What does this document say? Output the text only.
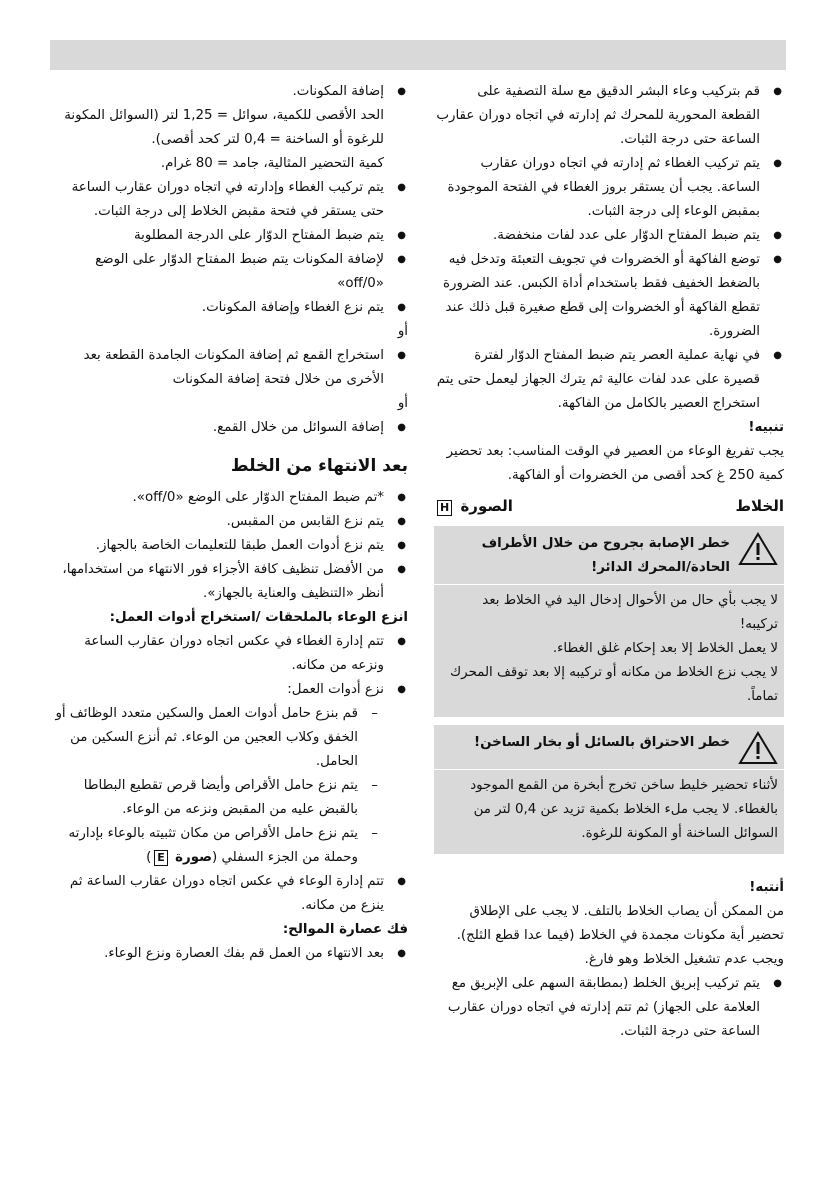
● قم بتركيب وعاء البشر الدقيق مع سلة التصفية على القطعة المحورية للمحرك ثم إدارته في اتجاه دوران عقارب الساعة حتى درجة الثبات.

● يتم تركيب الغطاء ثم إدارته في اتجاه دوران عقارب الساعة. يجب أن يستقر بروز الغطاء في الفتحة الموجودة بمقبض الوعاء إلى درجة الثبات.

● يتم ضبط المفتاح الدوّار على عدد لفات منخفضة.

● توضع الفاكهة أو الخضروات في تجويف التعبئة وتدخل فيه بالضغط الخفيف فقط باستخدام أداة الكبس. عند الضرورة تقطع الفاكهة أو الخضروات إلى قطع صغيرة قبل ذلك عند الضرورة.

● في نهاية عملية العصر يتم ضبط المفتاح الدوّار لفترة قصيرة على عدد لفات عالية ثم يترك الجهاز ليعمل حتى يتم استخراج العصير بالكامل من الفاكهة.

تنبيه!

يجب تفريغ الوعاء من العصير في الوقت المناسب: بعد تحضير كمية 250 غ كحد أقصى من الخضروات أو الفاكهة.

الخلاط
الصورة H
خطر الإصابة بجروح من خلال الأطراف الحادة/المحرك الدائر!

لا يجب بأي حال من الأحوال إدخال اليد في الخلاط بعد تركيبه!

لا يعمل الخلاط إلا بعد إحكام غلق الغطاء.

لا يجب نزع الخلاط من مكانه أو تركيبه إلا بعد توقف المحرك تماماً.

خطر الاحتراق بالسائل أو بخار الساخن!

لأثناء تحضير خليط ساخن تخرج أبخرة من القمع الموجود بالغطاء. لا يجب ملء الخلاط بكمية تزيد عن 0,4 لتر من السوائل الساخنة أو المكونة للرغوة.

أنتبه!

من الممكن أن يصاب الخلاط بالتلف. لا يجب على الإطلاق تحضير أية مكونات مجمدة في الخلاط (فيما عدا قطع الثلج). ويجب عدم تشغيل الخلاط وهو فارغ.

● يتم تركيب إبريق الخلط (بمطابقة السهم على الإبريق مع العلامة على الجهاز) ثم تتم إدارته في اتجاه دوران عقارب الساعة حتى درجة الثبات.

● إضافة المكونات.
الحد الأقصى للكمية، سوائل = 1,25 لتر (السوائل المكونة للرغوة أو الساخنة = 0,4 لتر كحد أقصى).
كمية التحضير المثالية، جامد = 80 غرام.

● يتم تركيب الغطاء وإدارته في اتجاه دوران عقارب الساعة حتى يستقر في فتحة مقبض الخلاط إلى درجة الثبات.

● يتم ضبط المفتاح الدوّار على الدرجة المطلوبة

● لإضافة المكونات يتم ضبط المفتاح الدوّار على الوضع «0/off»

● يتم نزع الغطاء وإضافة المكونات.

أو

● استخراج القمع ثم إضافة المكونات الجامدة القطعة بعد الأخرى من خلال فتحة إضافة المكونات

أو

● إضافة السوائل من خلال القمع.

بعد الانتهاء من الخلط

● *تم ضبط المفتاح الدوّار على الوضع «0/off».

● يتم نزع القابس من المقبس.

● يتم نزع أدوات العمل طبقا للتعليمات الخاصة بالجهاز.

● من الأفضل تنظيف كافة الأجزاء فور الانتهاء من استخدامها، أنظر «التنظيف والعناية بالجهاز».

انزع الوعاء بالملحقات /استخراج أدوات العمل:

● تتم إدارة الغطاء في عكس اتجاه دوران عقارب الساعة ونزعه من مكانه.

● نزع أدوات العمل:

– قم بنزع حامل أدوات العمل والسكين متعدد الوظائف أو الخفق وكلاب العجين من الوعاء. ثم أنزع السكين من الحامل.

– يتم نزع حامل الأقراص وأيضا قرص تقطيع البطاطا بالقبض عليه من المقبض ونزعه من الوعاء.

– يتم نزع حامل الأقراص من مكان تثبيته بالوعاء بإدارته وحملة من الجزء السفلي (صورة E)

● تتم إدارة الوعاء في عكس اتجاه دوران عقارب الساعة ثم ينزع من مكانه.

فك عصارة الموالح:

● بعد الانتهاء من العمل قم بفك العصارة ونزع الوعاء.
